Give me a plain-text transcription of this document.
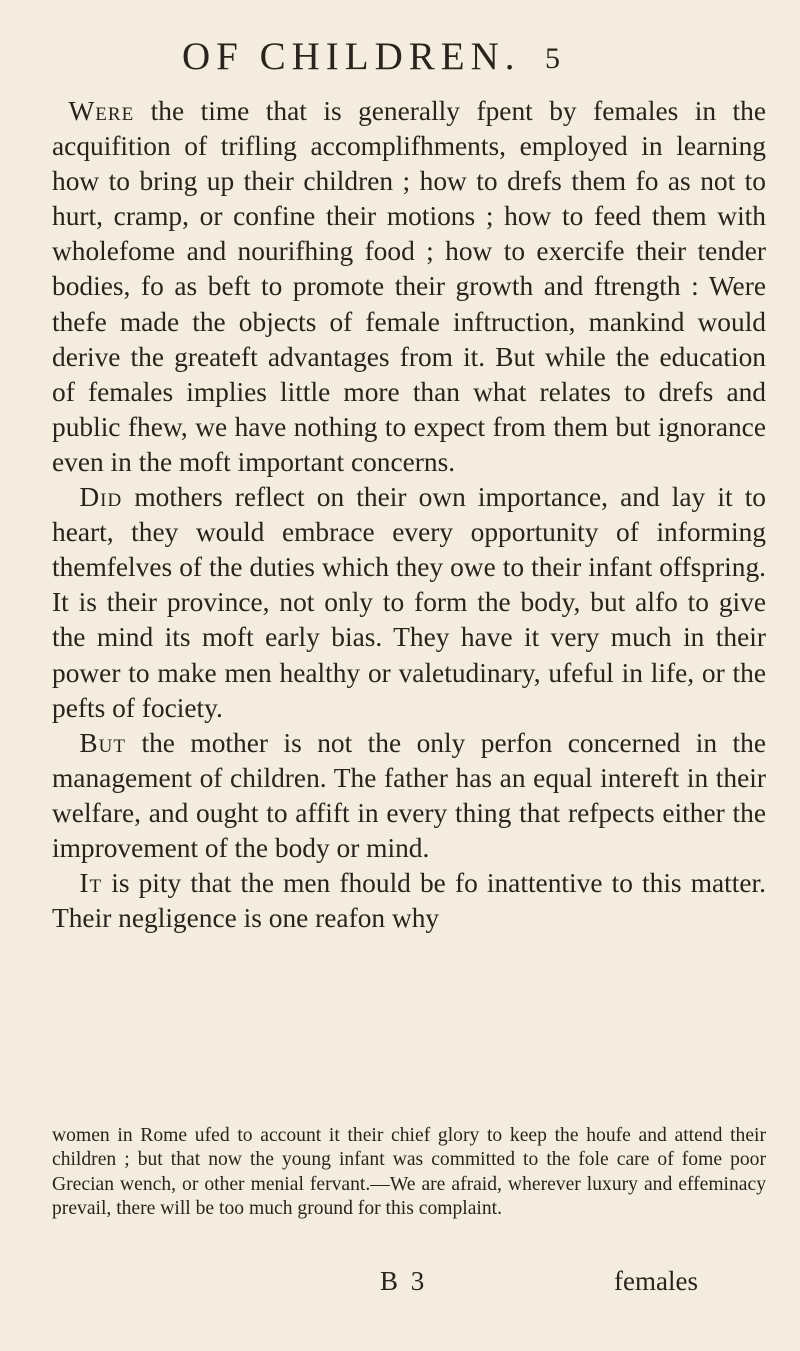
OF CHILDREN. 5

Were the time that is generally fpent by females in the acquifition of trifling accomplifhments, employed in learning how to bring up their children ; how to drefs them fo as not to hurt, cramp, or confine their motions ; how to feed them with wholefome and nourifhing food ; how to exercife their tender bodies, fo as beft to promote their growth and ftrength : Were thefe made the objects of female inftruction, mankind would derive the greateft advantages from it. But while the education of females implies little more than what relates to drefs and public fhew, we have nothing to expect from them but ignorance even in the moft important concerns.

Did mothers reflect on their own importance, and lay it to heart, they would embrace every opportunity of informing themfelves of the duties which they owe to their infant offspring. It is their province, not only to form the body, but alfo to give the mind its moft early bias. They have it very much in their power to make men healthy or valetudinary, ufeful in life, or the pefts of fociety.

But the mother is not the only perfon concerned in the management of children. The father has an equal intereft in their welfare, and ought to affift in every thing that refpects either the improvement of the body or mind.

It is pity that the men fhould be fo inattentive to this matter. Their negligence is one reafon why

women in Rome ufed to account it their chief glory to keep the houfe and attend their children ; but that now the young infant was committed to the fole care of fome poor Grecian wench, or other menial fervant.—We are afraid, wherever luxury and effeminacy prevail, there will be too much ground for this complaint.

B 3	females
